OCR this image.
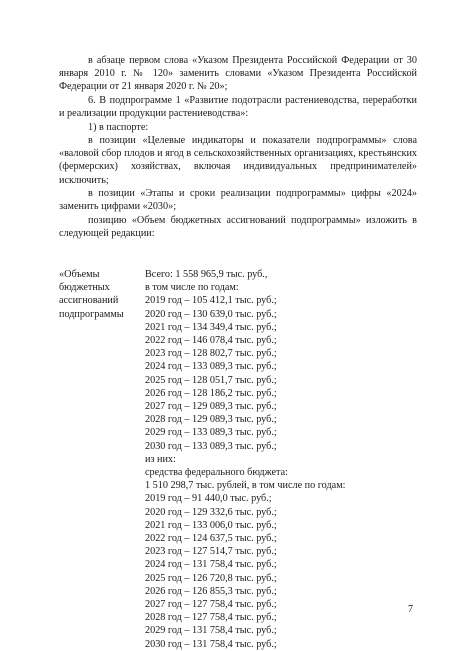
в абзаце первом слова «Указом Президента Российской Федерации от 30 января 2010 г. № 120» заменить словами «Указом Президента Российской Федерации от 21 января 2020 г. № 20»;

6. В подпрограмме 1 «Развитие подотрасли растениеводства, переработки и реализации продукции растениеводства»:

1) в паспорте:

в позиции «Целевые индикаторы и показатели подпрограммы» слова «валовой сбор плодов и ягод в сельскохозяйственных организациях, крестьянских (фермерских) хозяйствах, включая индивидуальных предпринимателей» исключить;

в позиции «Этапы и сроки реализации подпрограммы» цифры «2024» заменить цифрами «2030»;

позицию «Объем бюджетных ассигнований подпрограммы» изложить в следующей редакции:

«Объемы
бюджетных
ассигнований
подпрограммы
Всего: 1 558 965,9 тыс. руб.,
в том числе по годам:
2019 год – 105 412,1 тыс. руб.;
2020 год – 130 639,0 тыс. руб.;
2021 год – 134 349,4 тыс. руб.;
2022 год – 146 078,4 тыс. руб.;
2023 год – 128 802,7 тыс. руб.;
2024 год – 133 089,3 тыс. руб.;
2025 год – 128 051,7 тыс. руб.;
2026 год – 128 186,2 тыс. руб.;
2027 год – 129 089,3 тыс. руб.;
2028 год – 129 089,3 тыс. руб.;
2029 год – 133 089,3 тыс. руб.;
2030 год – 133 089,3 тыс. руб.;
из них:
средства федерального бюджета:
1 510 298,7 тыс. рублей, в том числе по годам:
2019 год – 91 440,0 тыс. руб.;
2020 год – 129 332,6 тыс. руб.;
2021 год – 133 006,0 тыс. руб.;
2022 год – 124 637,5 тыс. руб.;
2023 год – 127 514,7 тыс. руб.;
2024 год – 131 758,4 тыс. руб.;
2025 год – 126 720,8 тыс. руб.;
2026 год – 126 855,3 тыс. руб.;
2027 год – 127 758,4 тыс. руб.;
2028 год – 127 758,4 тыс. руб.;
2029 год – 131 758,4 тыс. руб.;
2030 год – 131 758,4 тыс. руб.;
7
